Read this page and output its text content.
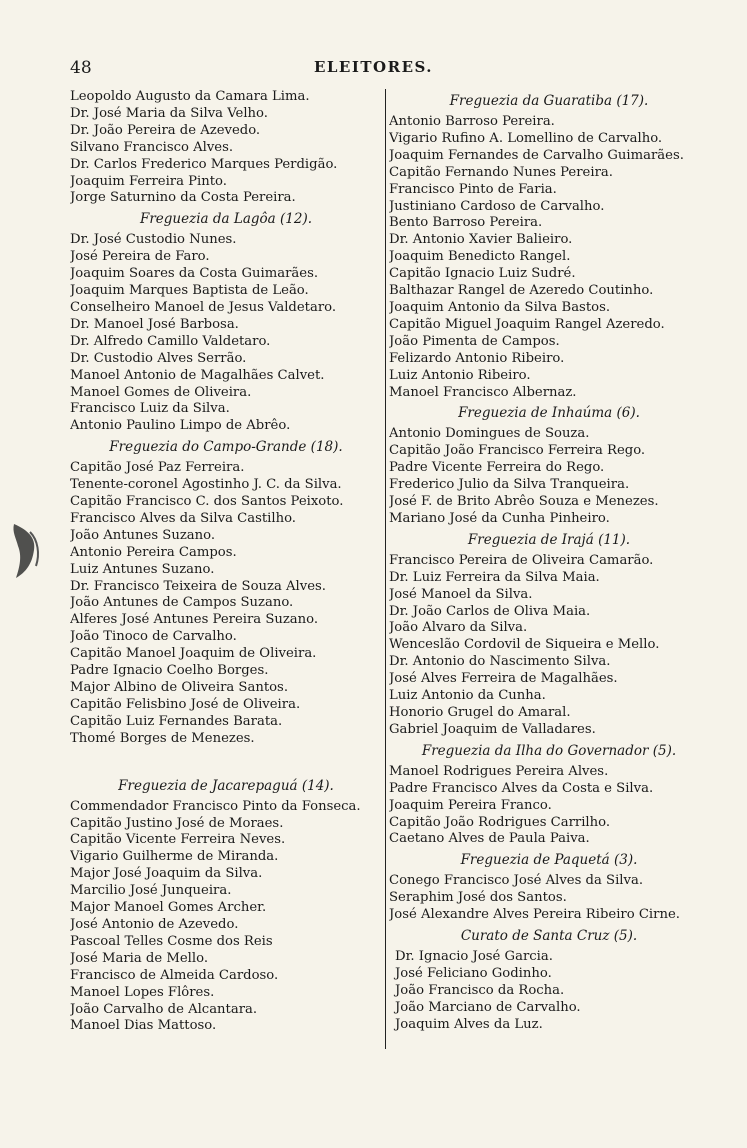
48	ELEITORES.
Leopoldo Augusto da Camara Lima.
Dr. José Maria da Silva Velho.
Dr. João Pereira de Azevedo.
Silvano Francisco Alves.
Dr. Carlos Frederico Marques Perdigão.
Joaquim Ferreira Pinto.
Jorge Saturnino da Costa Pereira.
Freguezia da Lagôa (12).
Dr. José Custodio Nunes.
José Pereira de Faro.
Joaquim Soares da Costa Guimarães.
Joaquim Marques Baptista de Leão.
Conselheiro Manoel de Jesus Valdetaro.
Dr. Manoel José Barbosa.
Dr. Alfredo Camillo Valdetaro.
Dr. Custodio Alves Serrão.
Manoel Antonio de Magalhães Calvet.
Manoel Gomes de Oliveira.
Francisco Luiz da Silva.
Antonio Paulino Limpo de Abrêo.
Freguezia do Campo-Grande (18).
Capitão José Paz Ferreira.
Tenente-coronel Agostinho J. C. da Silva.
Capitão Francisco C. dos Santos Peixoto.
Francisco Alves da Silva Castilho.
João Antunes Suzano.
Antonio Pereira Campos.
Luiz Antunes Suzano.
Dr. Francisco Teixeira de Souza Alves.
João Antunes de Campos Suzano.
Alferes José Antunes Pereira Suzano.
João Tinoco de Carvalho.
Capitão Manoel Joaquim de Oliveira.
Padre Ignacio Coelho Borges.
Major Albino de Oliveira Santos.
Capitão Felisbino José de Oliveira.
Capitão Luiz Fernandes Barata.
Thomé Borges de Menezes.
Freguezia de Jacarepaguá (14).
Commendador Francisco Pinto da Fonseca.
Capitão Justino José de Moraes.
Capitão Vicente Ferreira Neves.
Vigario Guilherme de Miranda.
Major José Joaquim da Silva.
Marcilio José Junqueira.
Major Manoel Gomes Archer.
José Antonio de Azevedo.
Pascoal Telles Cosme dos Reis
José Maria de Mello.
Francisco de Almeida Cardoso.
Manoel Lopes Flôres.
João Carvalho de Alcantara.
Manoel Dias Mattoso.
Freguezia da Guaratiba (17).
Antonio Barroso Pereira.
Vigario Rufino A. Lomellino de Carvalho.
Joaquim Fernandes de Carvalho Guimarães.
Capitão Fernando Nunes Pereira.
Francisco Pinto de Faria.
Justiniano Cardoso de Carvalho.
Bento Barroso Pereira.
Dr. Antonio Xavier Balieiro.
Joaquim Benedicto Rangel.
Capitão Ignacio Luiz Sudré.
Balthazar Rangel de Azeredo Coutinho.
Joaquim Antonio da Silva Bastos.
Capitão Miguel Joaquim Rangel Azeredo.
João Pimenta de Campos.
Felizardo Antonio Ribeiro.
Luiz Antonio Ribeiro.
Manoel Francisco Albernaz.
Freguezia de Inhaúma (6).
Antonio Domingues de Souza.
Capitão João Francisco Ferreira Rego.
Padre Vicente Ferreira do Rego.
Frederico Julio da Silva Tranqueira.
José F. de Brito Abrêo Souza e Menezes.
Mariano José da Cunha Pinheiro.
Freguezia de Irajá (11).
Francisco Pereira de Oliveira Camarão.
Dr. Luiz Ferreira da Silva Maia.
José Manoel da Silva.
Dr. João Carlos de Oliva Maia.
João Alvaro da Silva.
Wenceslão Cordovil de Siqueira e Mello.
Dr. Antonio do Nascimento Silva.
José Alves Ferreira de Magalhães.
Luiz Antonio da Cunha.
Honorio Grugel do Amaral.
Gabriel Joaquim de Valladares.
Freguezia da Ilha do Governador (5).
Manoel Rodrigues Pereira Alves.
Padre Francisco Alves da Costa e Silva.
Joaquim Pereira Franco.
Capitão João Rodrigues Carrilho.
Caetano Alves de Paula Paiva.
Freguezia de Paquetá (3).
Conego Francisco José Alves da Silva.
Seraphim José dos Santos.
José Alexandre Alves Pereira Ribeiro Cirne.
Curato de Santa Cruz (5).
Dr. Ignacio José Garcia.
José Feliciano Godinho.
João Francisco da Rocha.
João Marciano de Carvalho.
Joaquim Alves da Luz.
